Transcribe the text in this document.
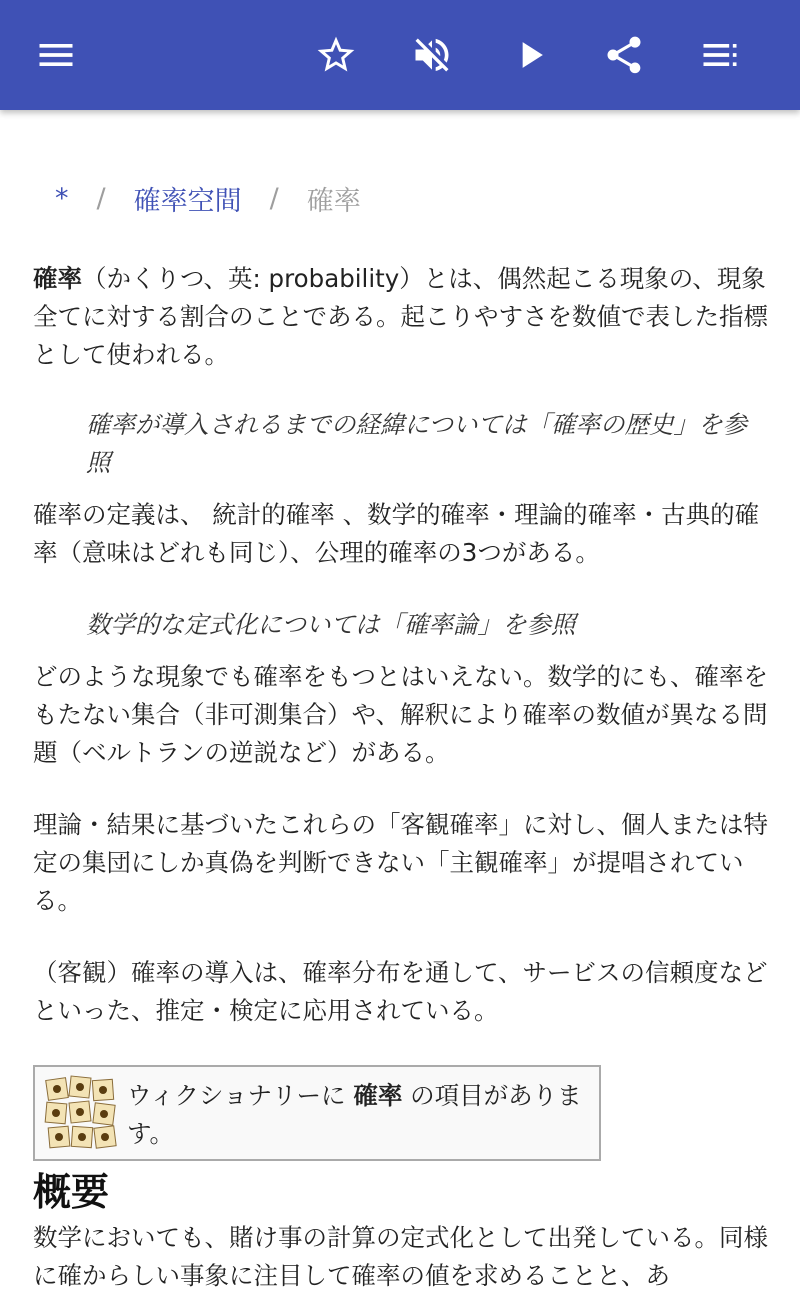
* / 確率空間 / 確率

確率（かくりつ、英: probability）とは、偶然起こる現象の、現象全てに対する割合のことである。起こりやすさを数値で表した指標として使われる。

確率が導入されるまでの経緯については「確率の歴史」を参照

確率の定義は、 統計的確率 、数学的確率・理論的確率・古典的確率（意味はどれも同じ）、公理的確率の3つがある。

数学的な定式化については「確率論」を参照

どのような現象でも確率をもつとはいえない。数学的にも、確率をもたない集合（非可測集合）や、解釈により確率の数値が異なる問題（ベルトランの逆説など）がある。

理論・結果に基づいたこれらの「客観確率」に対し、個人または特定の集団にしか真偽を判断できない「主観確率」が提唱されている。

（客観）確率の導入は、確率分布を通して、サービスの信頼度などといった、推定・検定に応用されている。

ウィクショナリーに 確率 の項目があります。
概要

数学においても、賭け事の計算の定式化として出発している。同様に確からしい事象に注目して確率の値を求めることと、あ
